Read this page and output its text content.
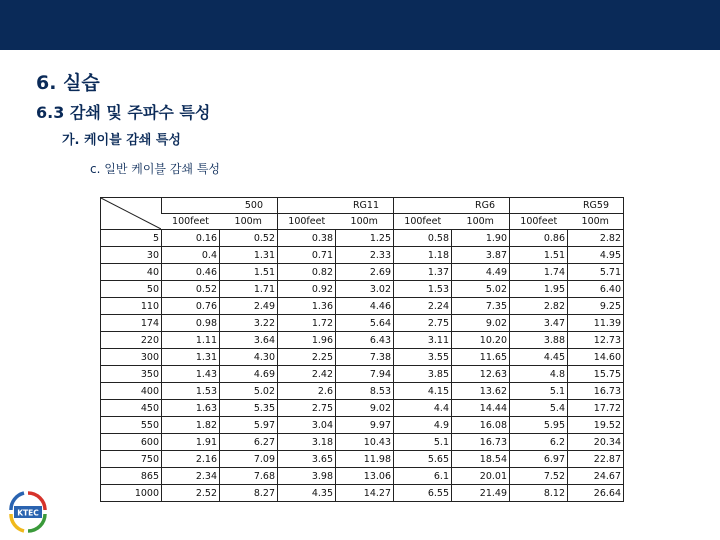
6. 실습
6.3 감쇄 및 주파수 특성
가. 케이블 감쇄 특성
c. 일반 케이블 감쇄 특성
	500		RG11		RG6		RG59	
	100feet	100m	100feet	100m	100feet	100m	100feet	100m
5	0.16	0.52	0.38	1.25	0.58	1.90	0.86	2.82
30	0.4	1.31	0.71	2.33	1.18	3.87	1.51	4.95
40	0.46	1.51	0.82	2.69	1.37	4.49	1.74	5.71
50	0.52	1.71	0.92	3.02	1.53	5.02	1.95	6.40
110	0.76	2.49	1.36	4.46	2.24	7.35	2.82	9.25
174	0.98	3.22	1.72	5.64	2.75	9.02	3.47	11.39
220	1.11	3.64	1.96	6.43	3.11	10.20	3.88	12.73
300	1.31	4.30	2.25	7.38	3.55	11.65	4.45	14.60
350	1.43	4.69	2.42	7.94	3.85	12.63	4.8	15.75
400	1.53	5.02	2.6	8.53	4.15	13.62	5.1	16.73
450	1.63	5.35	2.75	9.02	4.4	14.44	5.4	17.72
550	1.82	5.97	3.04	9.97	4.9	16.08	5.95	19.52
600	1.91	6.27	3.18	10.43	5.1	16.73	6.2	20.34
750	2.16	7.09	3.65	11.98	5.65	18.54	6.97	22.87
865	2.34	7.68	3.98	13.06	6.1	20.01	7.52	24.67
1000	2.52	8.27	4.35	14.27	6.55	21.49	8.12	26.64
KTEC
